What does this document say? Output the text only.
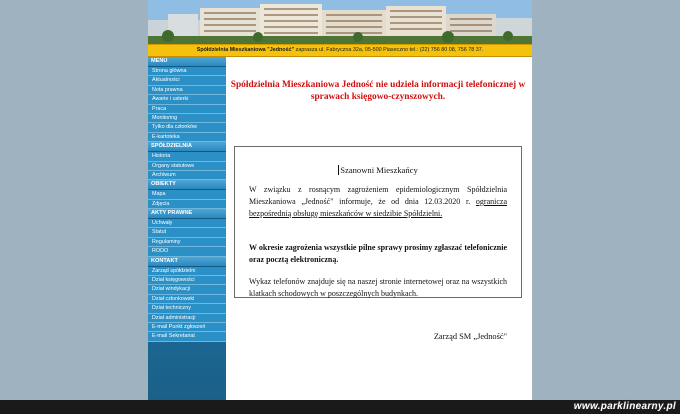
Spółdzielnia Mieszkaniowa "Jedność" zaprasza ul. Fabryczna 32a, 05-500 Piaseczno tel.: (22) 756 80 08, 756 78 37.
MENU
Strona główna
Aktualności
Nota prawna
Awarie i usterki
Praca
Monitoring
Tylko dla członków
E-kartoteka
SPÓŁDZIELNIA
Historia
Organy statutowe
Archiwum
OBIEKTY
Mapa
Zdjęcia
AKTY PRAWNE
Uchwały
Statut
Regulaminy
RODO
KONTAKT
Zarząd spółdzielni
Dział księgowości
Dział windykacji
Dział członkowski
Dział techniczny
Dział administracji
E-mail Punkt zgłoszeń
E-mail Sekretariat
Spółdzielnia Mieszkaniowa Jedność nie udziela informacji telefonicznej w sprawach księgowo-czynszowych.
Szanowni Mieszkańcy
W związku z rosnącym zagrożeniem epidemiologicznym Spółdzielnia Mieszkaniowa „Jedność" informuje, że od dnia 12.03.2020 r. ogranicza bezpośrednią obsługę mieszkańców w siedzibie Spółdzielni.
W okresie zagrożenia wszystkie pilne sprawy prosimy zgłaszać telefonicznie oraz pocztą elektroniczną.
Wykaz telefonów znajduje się na naszej stronie internetowej oraz na wszystkich klatkach schodowych w poszczególnych budynkach.
Zarząd SM „Jedność"
www.parklinearny.pl
